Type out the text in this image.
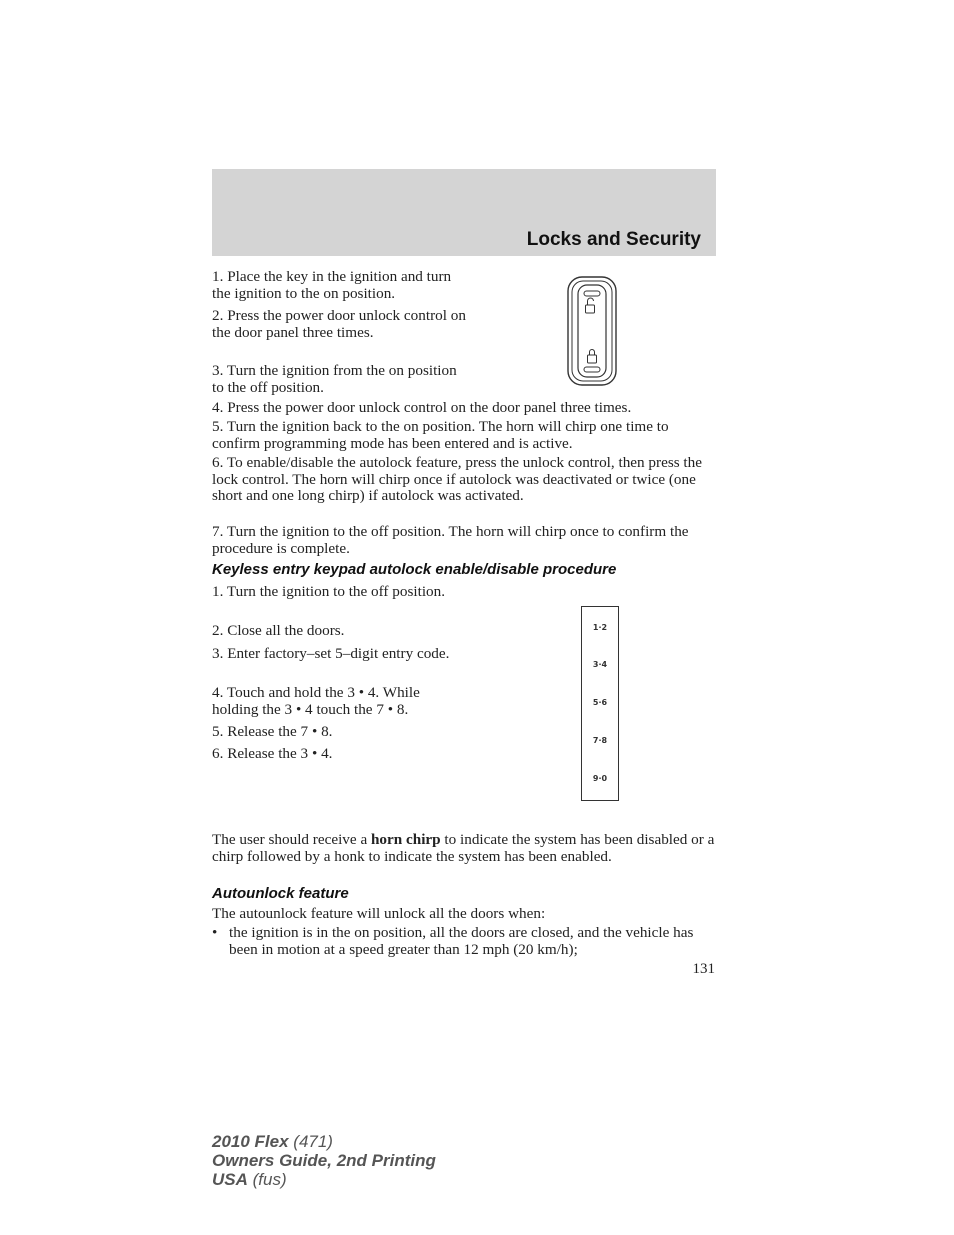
Locks and Security

1. Place the key in the ignition and turn the ignition to the on position.

2. Press the power door unlock control on the door panel three times.

3. Turn the ignition from the on position to the off position.

4. Press the power door unlock control on the door panel three times.

5. Turn the ignition back to the on position. The horn will chirp one time to confirm programming mode has been entered and is active.

6. To enable/disable the autolock feature, press the unlock control, then press the lock control. The horn will chirp once if autolock was deactivated or twice (one short and one long chirp) if autolock was activated.

7. Turn the ignition to the off position. The horn will chirp once to confirm the procedure is complete.

Keyless entry keypad autolock enable/disable procedure

1. Turn the ignition to the off position.

2. Close all the doors.

3. Enter factory–set 5–digit entry code.

4. Touch and hold the 3 • 4. While holding the 3 • 4 touch the 7 • 8.

5. Release the 7 • 8.

6. Release the 3 • 4.

1·2
3·4
5·6
7·8
9·0

The user should receive a horn chirp to indicate the system has been disabled or a chirp followed by a honk to indicate the system has been enabled.

Autounlock feature

The autounlock feature will unlock all the doors when:

• the ignition is in the on position, all the doors are closed, and the vehicle has been in motion at a speed greater than 12 mph (20 km/h);
131
2010 Flex (471)
Owners Guide, 2nd Printing
USA (fus)
